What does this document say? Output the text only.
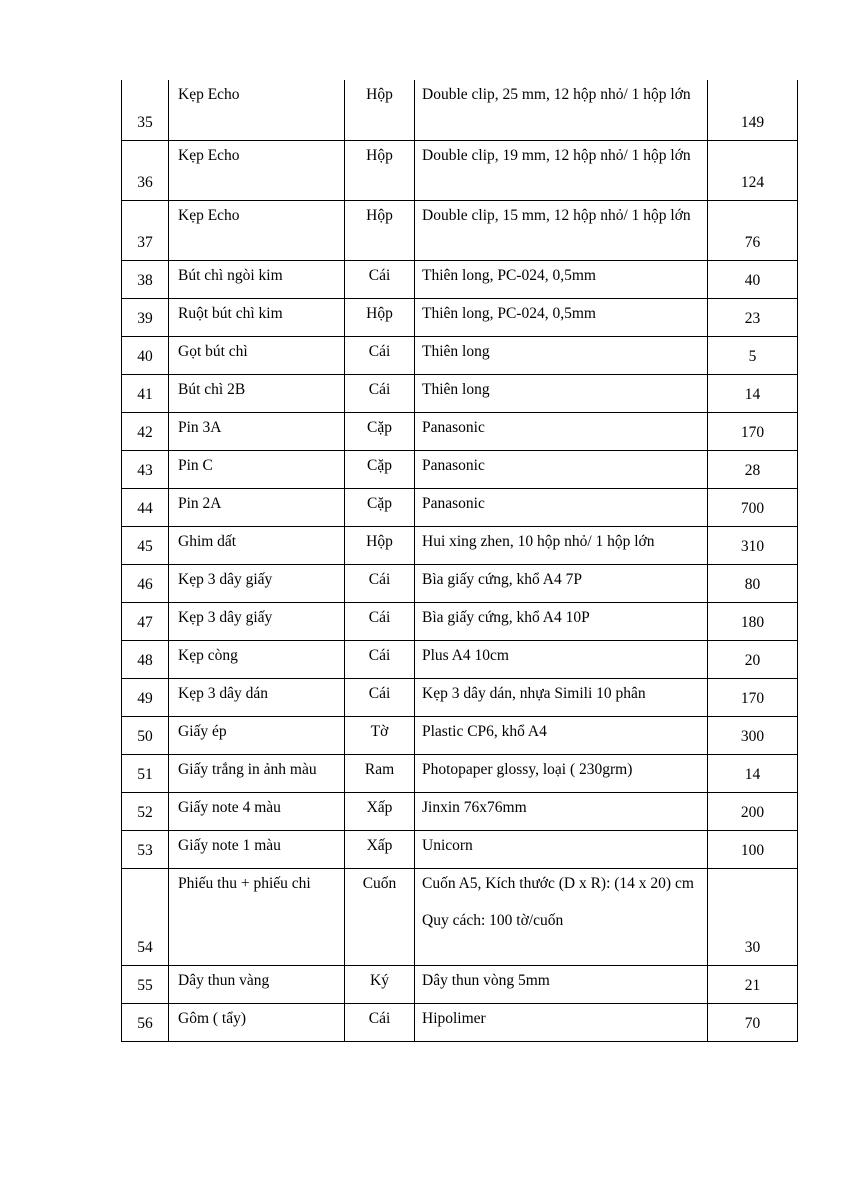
35	Kẹp Echo	Hộp	Double clip, 25 mm, 12 hộp nhỏ/ 1 hộp lớn	149
36	Kẹp Echo	Hộp	Double clip, 19 mm, 12 hộp nhỏ/ 1 hộp lớn	124
37	Kẹp Echo	Hộp	Double clip, 15 mm, 12 hộp nhỏ/ 1 hộp lớn	76
38	Bút chì ngòi kim	Cái	Thiên long, PC-024, 0,5mm	40
39	Ruột bút chì kim	Hộp	Thiên long, PC-024, 0,5mm	23
40	Gọt bút chì	Cái	Thiên long	5
41	Bút chì 2B	Cái	Thiên long	14
42	Pin 3A	Cặp	Panasonic	170
43	Pin C	Cặp	Panasonic	28
44	Pin 2A	Cặp	Panasonic	700
45	Ghim dất	Hộp	Hui xing zhen, 10 hộp nhỏ/ 1 hộp lớn	310
46	Kẹp 3 dây giấy	Cái	Bìa giấy cứng, khổ A4 7P	80
47	Kẹp 3 dây giấy	Cái	Bìa giấy cứng, khổ A4 10P	180
48	Kẹp còng	Cái	Plus A4 10cm	20
49	Kẹp 3 dây dán	Cái	Kẹp 3 dây dán, nhựa Simili 10 phân	170
50	Giấy ép	Tờ	Plastic CP6, khổ A4	300
51	Giấy trắng in ảnh màu	Ram	Photopaper glossy, loại ( 230grm)	14
52	Giấy note 4 màu	Xấp	Jinxin 76x76mm	200
53	Giấy note 1 màu	Xấp	Unicorn	100
54	Phiếu thu + phiếu chi	Cuốn	Cuốn A5, Kích thước (D x R): (14 x 20) cm
Quy cách: 100 tờ/cuốn	30
55	Dây thun vàng	Ký	Dây thun vòng 5mm	21
56	Gôm ( tẩy)	Cái	Hipolimer	70
